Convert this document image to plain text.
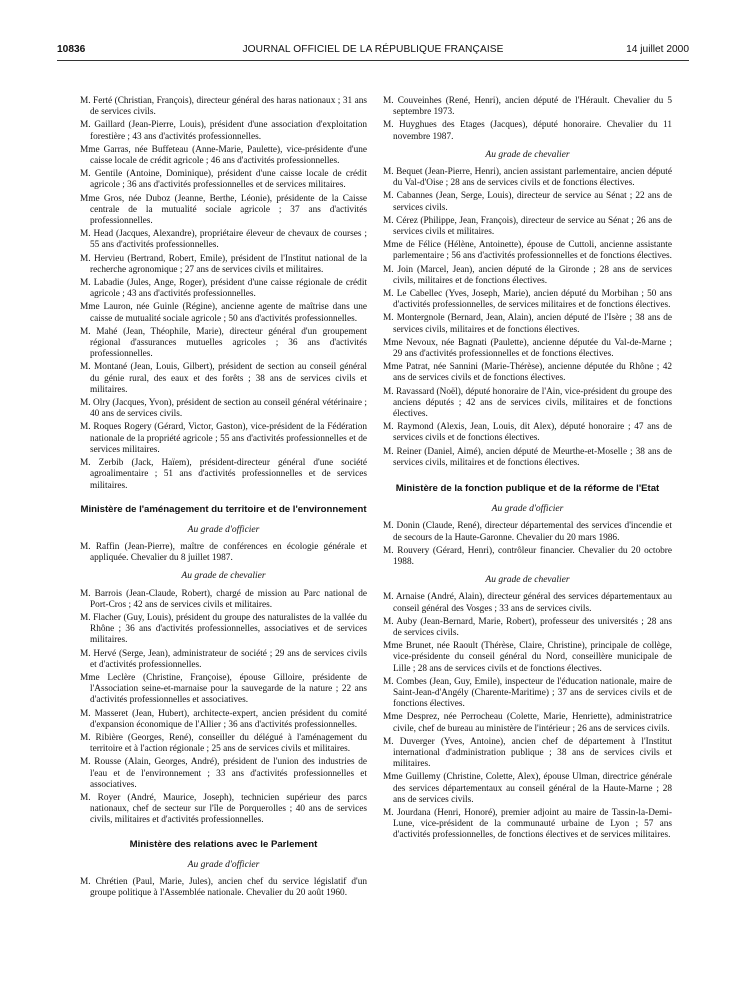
10836	JOURNAL OFFICIEL DE LA RÉPUBLIQUE FRANÇAISE	14 juillet 2000

M. Ferté (Christian, François), directeur général des haras nationaux ; 31 ans de services civils.

M. Gaillard (Jean-Pierre, Louis), président d'une association d'exploitation forestière ; 43 ans d'activités professionnelles.

Mme Garras, née Buffeteau (Anne-Marie, Paulette), vice-présidente d'une caisse locale de crédit agricole ; 46 ans d'activités professionnelles.

M. Gentile (Antoine, Dominique), président d'une caisse locale de crédit agricole ; 36 ans d'activités professionnelles et de services militaires.

Mme Gros, née Duboz (Jeanne, Berthe, Léonie), présidente de la Caisse centrale de la mutualité sociale agricole ; 37 ans d'activités professionnelles.

M. Head (Jacques, Alexandre), propriétaire éleveur de chevaux de courses ; 55 ans d'activités professionnelles.

M. Hervieu (Bertrand, Robert, Emile), président de l'Institut national de la recherche agronomique ; 27 ans de services civils et militaires.

M. Labadie (Jules, Ange, Roger), président d'une caisse régionale de crédit agricole ; 43 ans d'activités professionnelles.

Mme Lauron, née Guinle (Régine), ancienne agente de maîtrise dans une caisse de mutualité sociale agricole ; 50 ans d'activités professionnelles.

M. Mahé (Jean, Théophile, Marie), directeur général d'un groupement régional d'assurances mutuelles agricoles ; 36 ans d'activités professionnelles.

M. Montané (Jean, Louis, Gilbert), président de section au conseil général du génie rural, des eaux et des forêts ; 38 ans de services civils et militaires.

M. Olry (Jacques, Yvon), président de section au conseil général vétérinaire ; 40 ans de services civils.

M. Roques Rogery (Gérard, Victor, Gaston), vice-président de la Fédération nationale de la propriété agricole ; 55 ans d'activités professionnelles et de services militaires.

M. Zerbib (Jack, Haïem), président-directeur général d'une société agroalimentaire ; 51 ans d'activités professionnelles et de services militaires.

Ministère de l'aménagement du territoire et de l'environnement
Au grade d'officier

M. Raffin (Jean-Pierre), maître de conférences en écologie générale et appliquée. Chevalier du 8 juillet 1987.

Au grade de chevalier

M. Barrois (Jean-Claude, Robert), chargé de mission au Parc national de Port-Cros ; 42 ans de services civils et militaires.

M. Flacher (Guy, Louis), président du groupe des naturalistes de la vallée du Rhône ; 36 ans d'activités professionnelles, associatives et de services militaires.

M. Hervé (Serge, Jean), administrateur de société ; 29 ans de services civils et d'activités professionnelles.

Mme Leclère (Christine, Françoise), épouse Gilloire, présidente de l'Association seine-et-marnaise pour la sauvegarde de la nature ; 22 ans d'activités professionnelles et associatives.

M. Masseret (Jean, Hubert), architecte-expert, ancien président du comité d'expansion économique de l'Allier ; 36 ans d'activités professionnelles.

M. Ribière (Georges, René), conseiller du délégué à l'aménagement du territoire et à l'action régionale ; 25 ans de services civils et militaires.

M. Rousse (Alain, Georges, André), président de l'union des industries de l'eau et de l'environnement ; 33 ans d'activités professionnelles et associatives.

M. Royer (André, Maurice, Joseph), technicien supérieur des parcs nationaux, chef de secteur sur l'île de Porquerolles ; 40 ans de services civils, militaires et d'activités professionnelles.

Ministère des relations avec le Parlement
Au grade d'officier

M. Chrétien (Paul, Marie, Jules), ancien chef du service législatif d'un groupe politique à l'Assemblée nationale. Chevalier du 20 août 1960.

M. Couveinhes (René, Henri), ancien député de l'Hérault. Chevalier du 5 septembre 1973.

M. Huyghues des Etages (Jacques), député honoraire. Chevalier du 11 novembre 1987.

Au grade de chevalier

M. Bequet (Jean-Pierre, Henri), ancien assistant parlementaire, ancien député du Val-d'Oise ; 28 ans de services civils et de fonctions électives.

M. Cabannes (Jean, Serge, Louis), directeur de service au Sénat ; 22 ans de services civils.

M. Cérez (Philippe, Jean, François), directeur de service au Sénat ; 26 ans de services civils et militaires.

Mme de Félice (Hélène, Antoinette), épouse de Cuttoli, ancienne assistante parlementaire ; 56 ans d'activités professionnelles et de fonctions électives.

M. Join (Marcel, Jean), ancien député de la Gironde ; 28 ans de services civils, militaires et de fonctions électives.

M. Le Cabellec (Yves, Joseph, Marie), ancien député du Morbihan ; 50 ans d'activités professionnelles, de services militaires et de fonctions électives.

M. Montergnole (Bernard, Jean, Alain), ancien député de l'Isère ; 38 ans de services civils, militaires et de fonctions électives.

Mme Nevoux, née Bagnati (Paulette), ancienne députée du Val-de-Marne ; 29 ans d'activités professionnelles et de fonctions électives.

Mme Patrat, née Sannini (Marie-Thérèse), ancienne députée du Rhône ; 42 ans de services civils et de fonctions électives.

M. Ravassard (Noël), député honoraire de l'Ain, vice-président du groupe des anciens députés ; 42 ans de services civils, militaires et de fonctions électives.

M. Raymond (Alexis, Jean, Louis, dit Alex), député honoraire ; 47 ans de services civils et de fonctions électives.

M. Reiner (Daniel, Aimé), ancien député de Meurthe-et-Moselle ; 38 ans de services civils, militaires et de fonctions électives.

Ministère de la fonction publique et de la réforme de l'Etat
Au grade d'officier

M. Donin (Claude, René), directeur départemental des services d'incendie et de secours de la Haute-Garonne. Chevalier du 20 mars 1986.

M. Rouvery (Gérard, Henri), contrôleur financier. Chevalier du 20 octobre 1988.

Au grade de chevalier

M. Arnaise (André, Alain), directeur général des services départementaux au conseil général des Vosges ; 33 ans de services civils.

M. Auby (Jean-Bernard, Marie, Robert), professeur des universités ; 28 ans de services civils.

Mme Brunet, née Raoult (Thérèse, Claire, Christine), principale de collège, vice-présidente du conseil général du Nord, conseillère municipale de Lille ; 28 ans de services civils et de fonctions électives.

M. Combes (Jean, Guy, Emile), inspecteur de l'éducation nationale, maire de Saint-Jean-d'Angély (Charente-Maritime) ; 37 ans de services civils et de fonctions électives.

Mme Desprez, née Perrocheau (Colette, Marie, Henriette), administratrice civile, chef de bureau au ministère de l'intérieur ; 26 ans de services civils.

M. Duverger (Yves, Antoine), ancien chef de département à l'Institut international d'administration publique ; 38 ans de services civils et militaires.

Mme Guillemy (Christine, Colette, Alex), épouse Ulman, directrice générale des services départementaux au conseil général de la Haute-Marne ; 28 ans de services civils.

M. Jourdana (Henri, Honoré), premier adjoint au maire de Tassin-la-Demi-Lune, vice-président de la communauté urbaine de Lyon ; 57 ans d'activités professionnelles, de fonctions électives et de services militaires.
